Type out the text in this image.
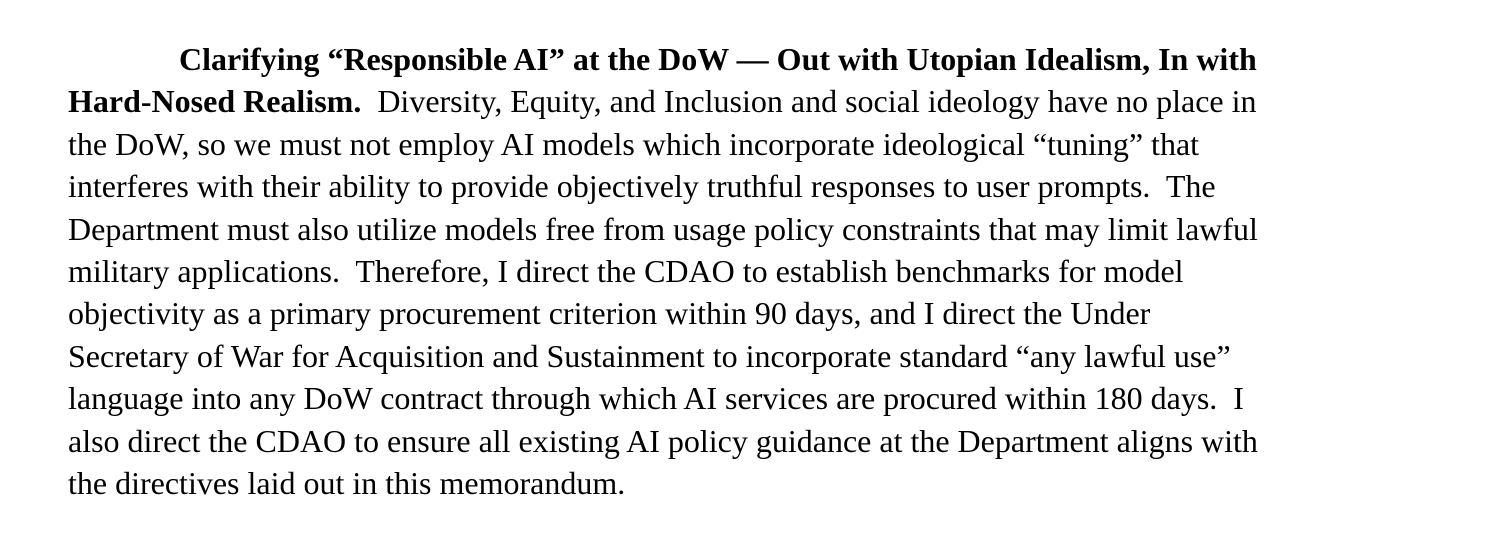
Clarifying “Responsible AI” at the DoW — Out with Utopian Idealism, In with
Hard-Nosed Realism. Diversity, Equity, and Inclusion and social ideology have no place in
the DoW, so we must not employ AI models which incorporate ideological “tuning” that
interferes with their ability to provide objectively truthful responses to user prompts.  The
Department must also utilize models free from usage policy constraints that may limit lawful
military applications.  Therefore, I direct the CDAO to establish benchmarks for model
objectivity as a primary procurement criterion within 90 days, and I direct the Under
Secretary of War for Acquisition and Sustainment to incorporate standard “any lawful use”
language into any DoW contract through which AI services are procured within 180 days.  I
also direct the CDAO to ensure all existing AI policy guidance at the Department aligns with
the directives laid out in this memorandum.
